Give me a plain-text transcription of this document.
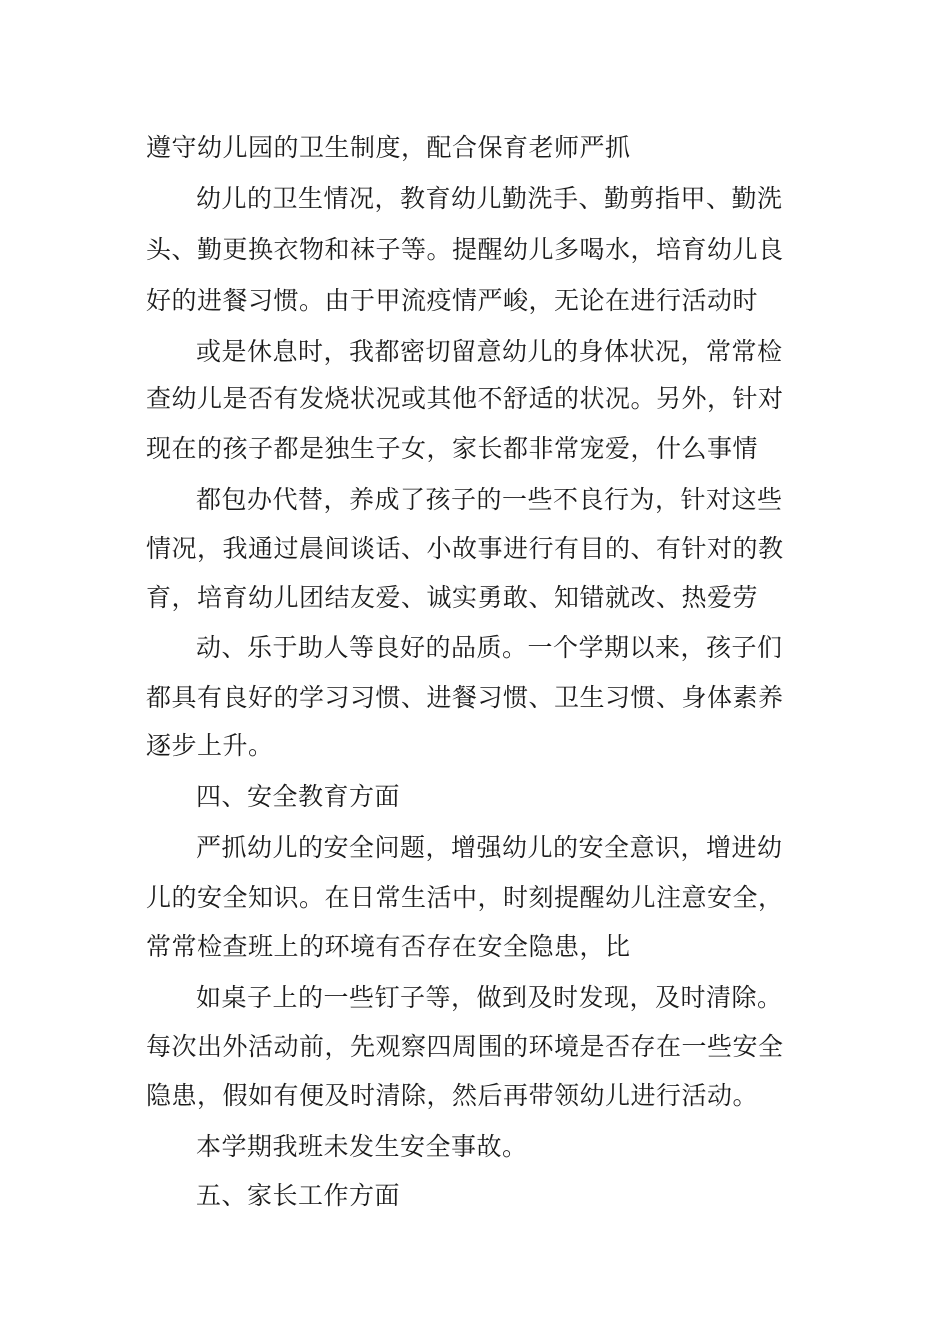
遵守幼儿园的卫生制度，配合保育老师严抓
幼儿的卫生情况，教育幼儿勤洗手、勤剪指甲、勤洗
头、勤更换衣物和袜子等。提醒幼儿多喝水，培育幼儿良
好的进餐习惯。由于甲流疫情严峻，无论在进行活动时
或是休息时，我都密切留意幼儿的身体状况，常常检
查幼儿是否有发烧状况或其他不舒适的状况。另外，针对
现在的孩子都是独生子女，家长都非常宠爱，什么事情
都包办代替，养成了孩子的一些不良行为，针对这些
情况，我通过晨间谈话、小故事进行有目的、有针对的教
育，培育幼儿团结友爱、诚实勇敢、知错就改、热爱劳
动、乐于助人等良好的品质。一个学期以来，孩子们
都具有良好的学习习惯、进餐习惯、卫生习惯、身体素养
逐步上升。
四、安全教育方面
严抓幼儿的安全问题，增强幼儿的安全意识，增进幼
儿的安全知识。在日常生活中，时刻提醒幼儿注意安全，
常常检查班上的环境有否存在安全隐患，比
如桌子上的一些钉子等，做到及时发现，及时清除。
每次出外活动前，先观察四周围的环境是否存在一些安全
隐患，假如有便及时清除，然后再带领幼儿进行活动。
本学期我班未发生安全事故。
五、家长工作方面
